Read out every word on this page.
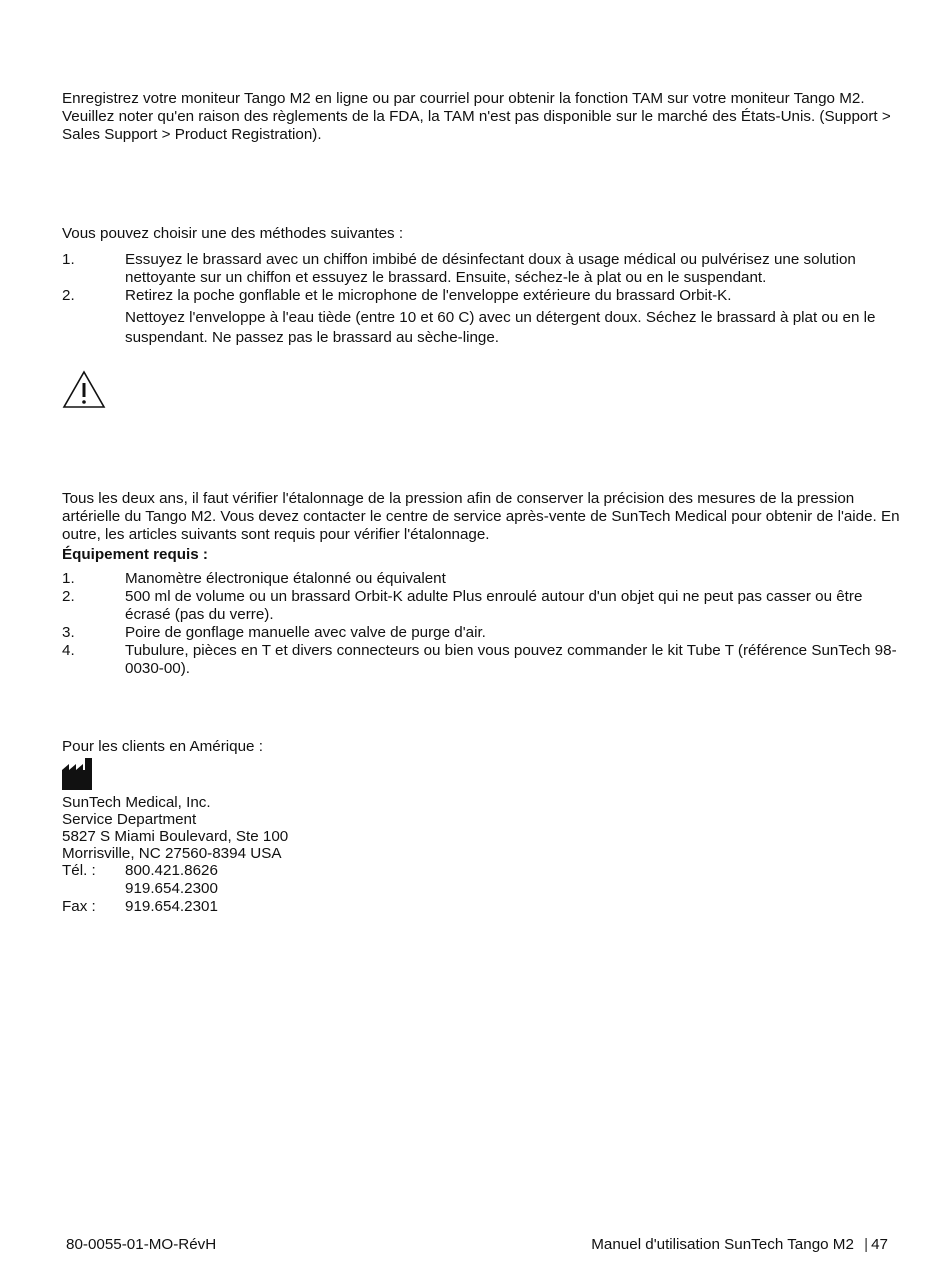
Enregistrez votre moniteur Tango M2 en ligne ou par courriel pour obtenir la fonction TAM sur votre moniteur Tango M2. Veuillez noter qu'en raison des règlements de la FDA, la TAM n'est pas disponible sur le marché des États-Unis. (Support > Sales Support > Product Registration).

Vous pouvez choisir une des méthodes suivantes :

1.	Essuyez le brassard avec un chiffon imbibé de désinfectant doux à usage médical ou pulvérisez une solution nettoyante sur un chiffon et essuyez le brassard. Ensuite, séchez-le à plat ou en le suspendant.

2.	Retirez la poche gonflable et le microphone de l'enveloppe extérieure du brassard Orbit-K.

Nettoyez l'enveloppe à l'eau tiède (entre 10 et 60 C) avec un détergent doux. Séchez le brassard à plat ou en le suspendant. Ne passez pas le brassard au sèche-linge.

Tous les deux ans, il faut vérifier l'étalonnage de la pression afin de conserver la précision des mesures de la pression artérielle du Tango M2. Vous devez contacter le centre de service après-vente de SunTech Medical pour obtenir de l'aide. En outre, les articles suivants sont requis pour vérifier l'étalonnage.

Équipement requis :

1.	Manomètre électronique étalonné ou équivalent

2.	500 ml de volume ou un brassard Orbit-K adulte Plus enroulé autour d'un objet qui ne peut pas casser ou être écrasé (pas du verre).

3.	Poire de gonflage manuelle avec valve de purge d'air.

4.	Tubulure, pièces en T et divers connecteurs ou bien vous pouvez commander le kit Tube T (référence SunTech 98-0030-00).

Pour les clients en Amérique :

SunTech Medical, Inc.

Service Department

5827 S Miami Boulevard, Ste 100

Morrisville, NC 27560-8394 USA

Tél. : 800.421.8626

919.654.2300

Fax : 919.654.2301

80-0055-01-MO-RévH	Manuel d'utilisation SunTech Tango M2 | 47
